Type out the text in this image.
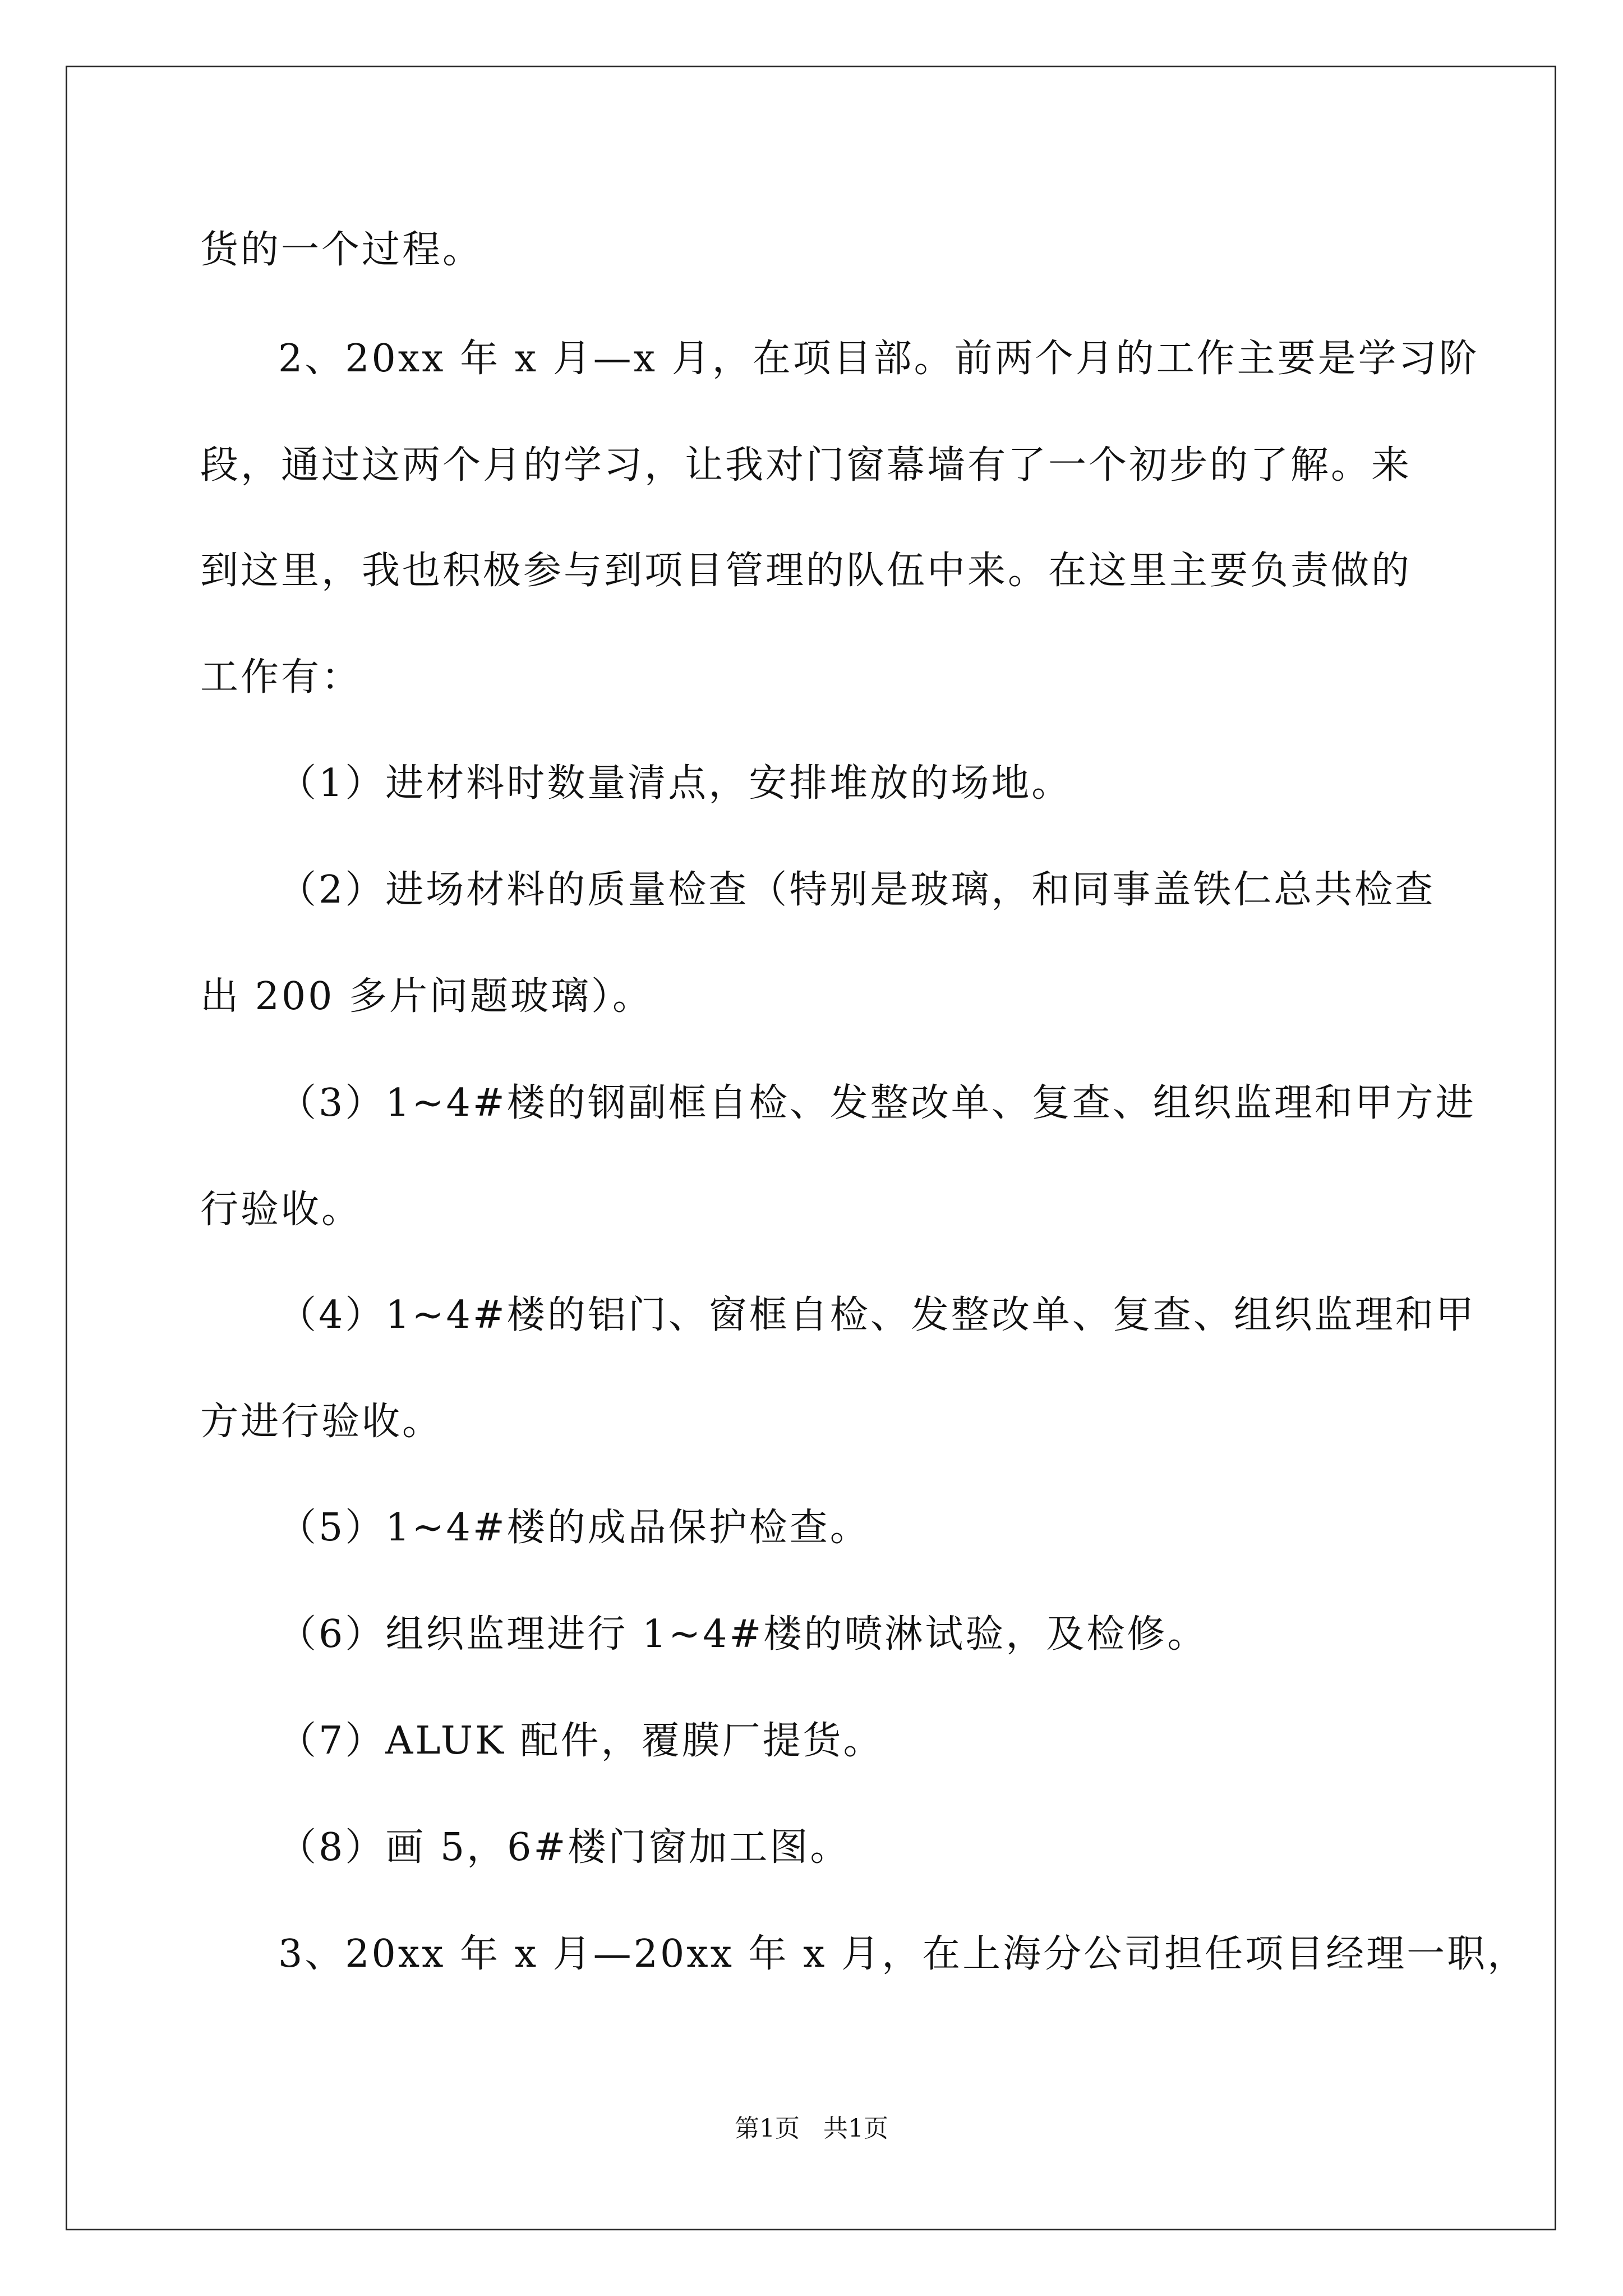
货的一个过程。
2、20xx 年 x 月—x 月，在项目部。前两个月的工作主要是学习阶
段，通过这两个月的学习，让我对门窗幕墙有了一个初步的了解。来
到这里，我也积极参与到项目管理的队伍中来。在这里主要负责做的
工作有：
（1）进材料时数量清点，安排堆放的场地。
（2）进场材料的质量检查（特别是玻璃，和同事盖铁仁总共检查
出 200 多片问题玻璃）。
（3）1~4#楼的钢副框自检、发整改单、复查、组织监理和甲方进
行验收。
（4）1~4#楼的铝门、窗框自检、发整改单、复查、组织监理和甲
方进行验收。
（5）1~4#楼的成品保护检查。
（6）组织监理进行 1~4#楼的喷淋试验，及检修。
（7）ALUK 配件，覆膜厂提货。
（8）画 5，6#楼门窗加工图。
3、20xx 年 x 月—20xx 年 x 月，在上海分公司担任项目经理一职，
第1页   共1页
